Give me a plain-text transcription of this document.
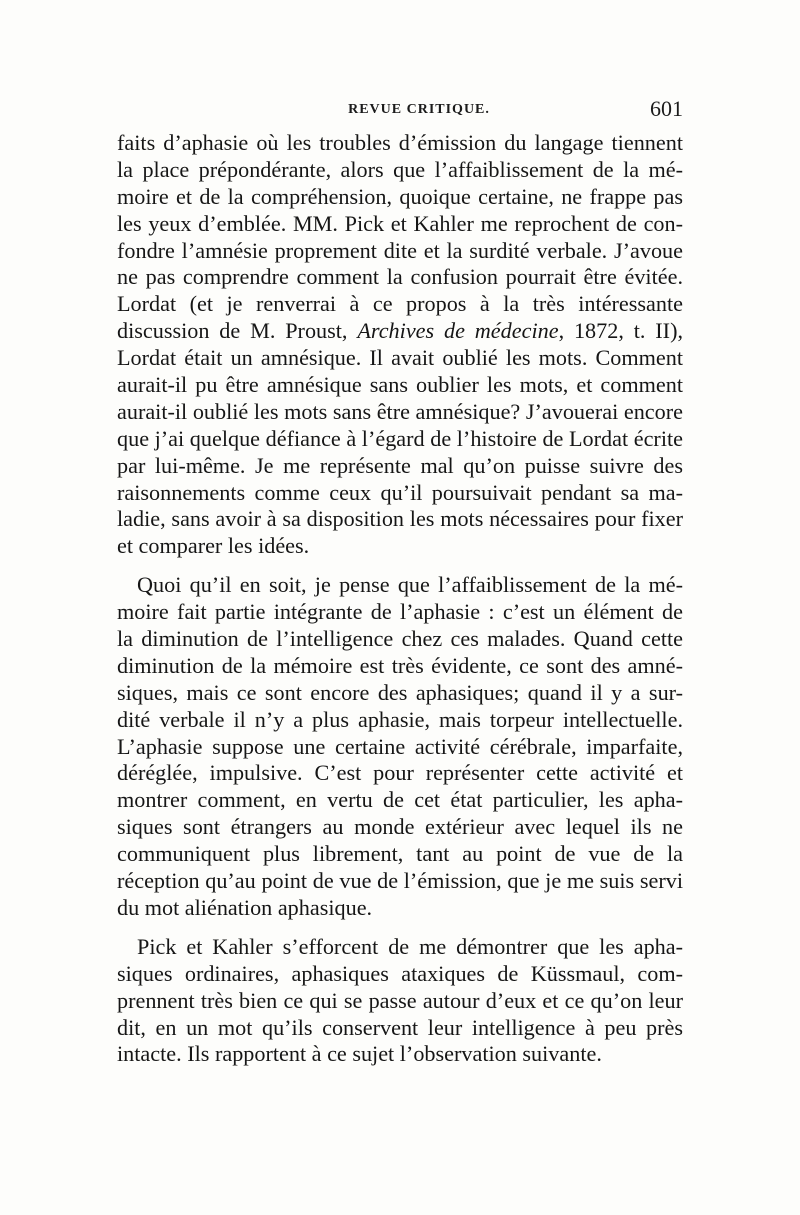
REVUE CRITIQUE.	601
faits d’aphasie où les troubles d’émission du langage tiennent
la place prépondérante, alors que l’affaiblissement de la mé-
moire et de la compréhension, quoique certaine, ne frappe pas
les yeux d’emblée. MM. Pick et Kahler me reprochent de con-
fondre l’amnésie proprement dite et la surdité verbale. J’avoue
ne pas comprendre comment la confusion pourrait être évitée.
Lordat (et je renverrai à ce propos à la très intéressante
discussion de M. Proust, Archives de médecine, 1872, t. II),
Lordat était un amnésique. Il avait oublié les mots. Comment
aurait-il pu être amnésique sans oublier les mots, et comment
aurait-il oublié les mots sans être amnésique? J’avouerai encore
que j’ai quelque défiance à l’égard de l’histoire de Lordat écrite
par lui-même. Je me représente mal qu’on puisse suivre des
raisonnements comme ceux qu’il poursuivait pendant sa ma-
ladie, sans avoir à sa disposition les mots nécessaires pour fixer
et comparer les idées.
Quoi qu’il en soit, je pense que l’affaiblissement de la mé-
moire fait partie intégrante de l’aphasie : c’est un élément de
la diminution de l’intelligence chez ces malades. Quand cette
diminution de la mémoire est très évidente, ce sont des amné-
siques, mais ce sont encore des aphasiques; quand il y a sur-
dité verbale il n’y a plus aphasie, mais torpeur intellectuelle.
L’aphasie suppose une certaine activité cérébrale, imparfaite,
déréglée, impulsive. C’est pour représenter cette activité et
montrer comment, en vertu de cet état particulier, les apha-
siques sont étrangers au monde extérieur avec lequel ils ne
communiquent plus librement, tant au point de vue de la
réception qu’au point de vue de l’émission, que je me suis servi
du mot aliénation aphasique.
Pick et Kahler s’efforcent de me démontrer que les apha-
siques ordinaires, aphasiques ataxiques de Küssmaul, com-
prennent très bien ce qui se passe autour d’eux et ce qu’on leur
dit, en un mot qu’ils conservent leur intelligence à peu près
intacte. Ils rapportent à ce sujet l’observation suivante.
